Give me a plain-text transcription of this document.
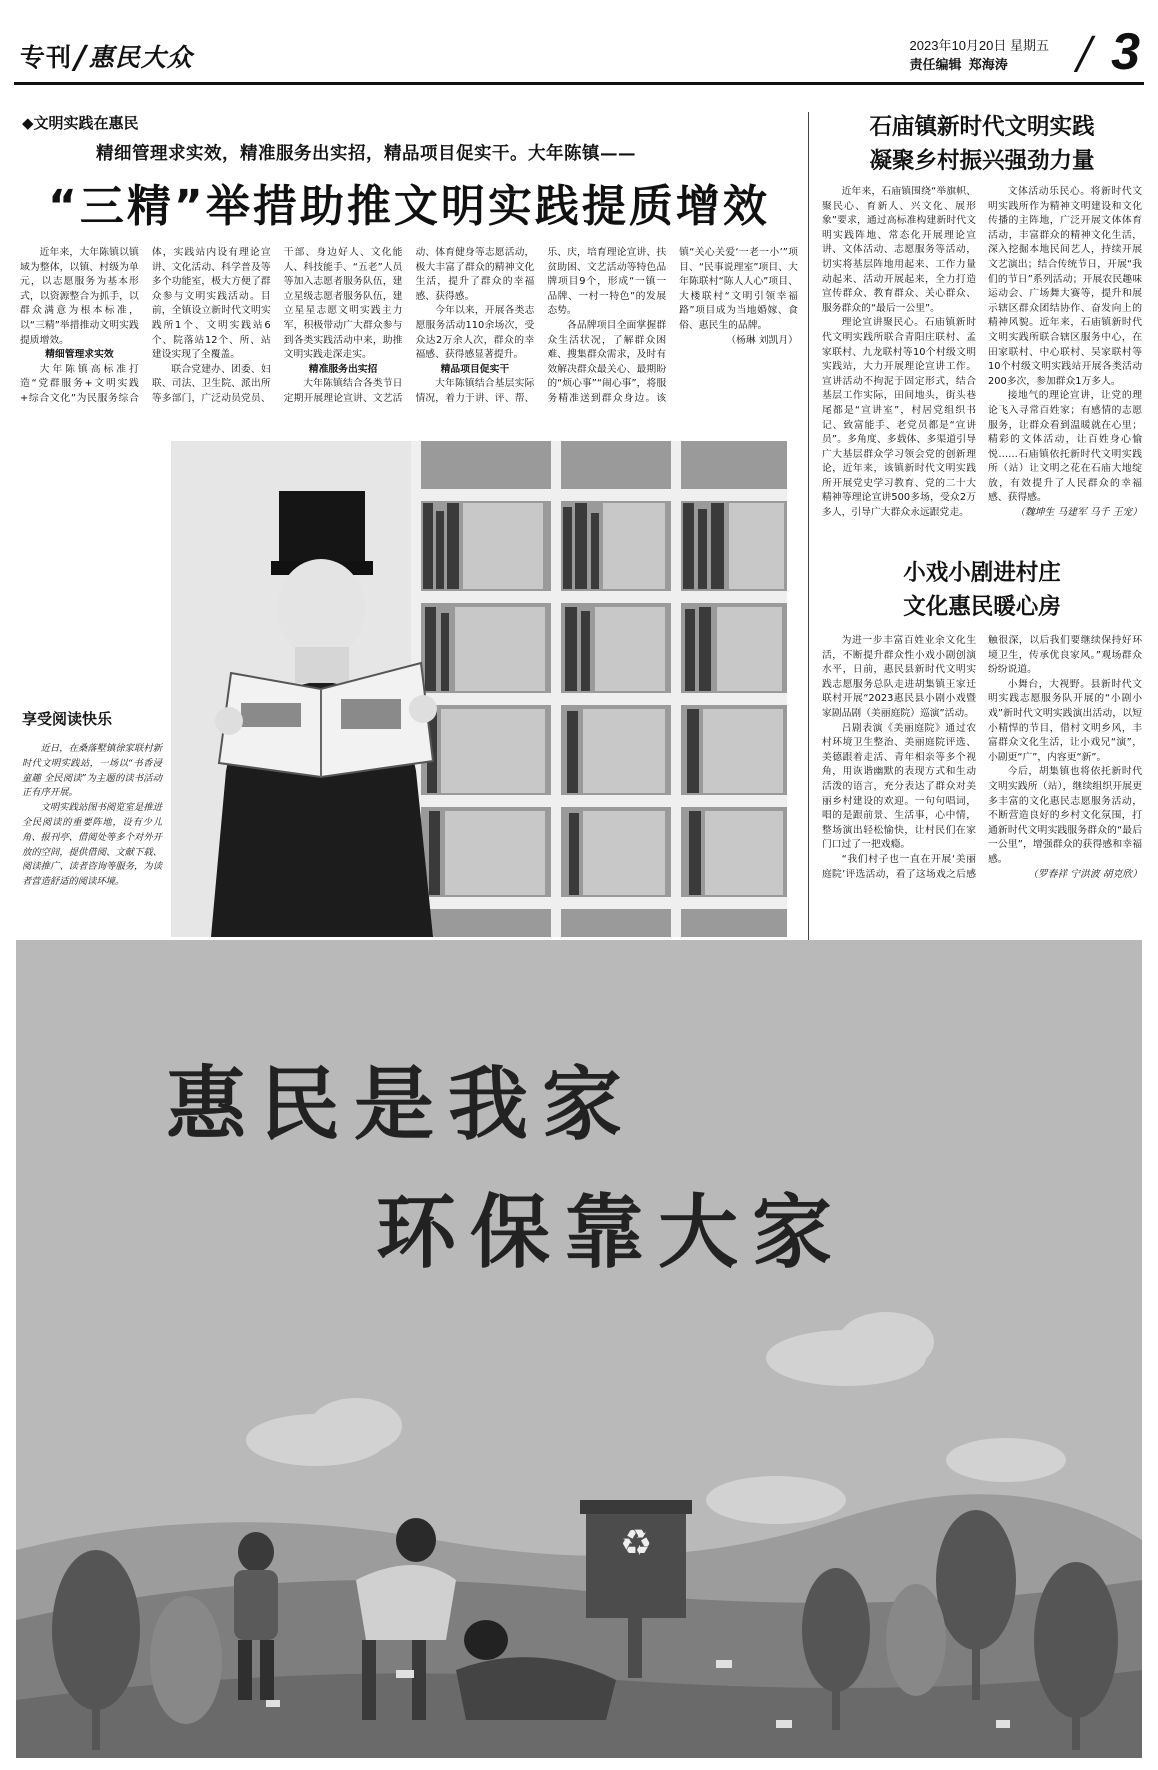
专刊/惠民大众	2023年10月20日 星期五
责任编辑 郑海涛	/ 3
◆文明实践在惠民
精细管理求实效，精准服务出实招，精品项目促实干。大年陈镇——
“三精”举措助推文明实践提质增效

近年来，大年陈镇以镇域为整体，以镇、村级为单元，以志愿服务为基本形式，以资源整合为抓手，以群众满意为根本标准，以“三精”举措推动文明实践提质增效。

精细管理求实效

大年陈镇高标准打造“党群服务+文明实践+综合文化”为民服务综合体，实践站内设有理论宣讲、文化活动、科学普及等多个功能室，极大方便了群众参与文明实践活动。目前，全镇设立新时代文明实践所1个、文明实践站6个、院落站12个、所、站建设实现了全覆盖。

联合党建办、团委、妇联、司法、卫生院、派出所等多部门，广泛动员党员、干部、身边好人、文化能人、科技能手、“五老”人员等加入志愿者服务队伍，建立星级志愿者服务队伍，建立星星志愿文明实践主力军，积极带动广大群众参与到各类实践活动中来，助推文明实践走深走实。

精准服务出实招

大年陈镇结合各类节日定期开展理论宣讲、文艺活动、体育健身等志愿活动，极大丰富了群众的精神文化生活，提升了群众的幸福感、获得感。

今年以来，开展各类志愿服务活动110余场次，受众达2万余人次，群众的幸福感、获得感显著提升。

精品项目促实干

大年陈镇结合基层实际情况，着力于讲、评、帮、乐、庆，培育理论宣讲、扶贫助困、文艺活动等特色品牌项目9个，形成“一镇一品牌、一村一特色”的发展态势。

各品牌项目全面掌握群众生活状况，了解群众困难、搜集群众需求，及时有效解决群众最关心、最期盼的“烦心事”“闹心事”，将服务精准送到群众身边。该镇“关心关爱‘一老一小’”项目、“民事说理室”项目、大年陈联村“陈人人心”项目、大楼联村“文明引领幸福路”项目成为当地婚嫁、食俗、惠民生的品牌。

（杨琳 刘凯月）

享受阅读快乐

近日，在桑落墅镇徐家联村新时代文明实践站，一场以“书香浸童趣 全民阅读”为主题的读书活动正有序开展。

文明实践站图书阅览室是推进全民阅读的重要阵地，设有少儿角、报刊亭、借阅处等多个对外开放的空间，提供借阅、文献下载、阅读推广、读者咨询等服务，为读者营造舒适的阅读环境。

石庙镇新时代文明实践
凝聚乡村振兴强劲力量

近年来，石庙镇围绕“举旗帜、聚民心、育新人、兴文化、展形象”要求，通过高标准构建新时代文明实践阵地、常态化开展理论宣讲、文体活动、志愿服务等活动，切实将基层阵地用起来、工作力量动起来、活动开展起来，全力打造宣传群众、教育群众、关心群众、服务群众的“最后一公里”。

理论宣讲聚民心。石庙镇新时代文明实践所联合青阳庄联村、孟家联村、九龙联村等10个村级文明实践站，大力开展理论宣讲工作。宣讲活动不拘泥于固定形式，结合基层工作实际，田间地头，街头巷尾都是“宣讲室”，村居党组织书记、致富能手、老党员都是“宣讲员”。多角度、多载体、多渠道引导广大基层群众学习领会党的创新理论，近年来，该镇新时代文明实践所开展党史学习教育、党的二十大精神等理论宣讲500多场，受众2万多人，引导广大群众永远跟党走。

文体活动乐民心。将新时代文明实践所作为精神文明建设和文化传播的主阵地，广泛开展文体体育活动，丰富群众的精神文化生活，深入挖掘本地民间艺人，持续开展文艺演出；结合传统节日，开展“我们的节日”系列活动；开展农民趣味运动会、广场舞大赛等，提升和展示辖区群众团结协作、奋发向上的精神风貌。近年来，石庙镇新时代文明实践所联合辖区服务中心，在田家联村、中心联村、吴家联村等10个村级文明实践站开展各类活动200多次，参加群众1万多人。

接地气的理论宣讲，让党的理论飞入寻常百姓家；有感情的志愿服务，让群众看到温暖就在心里；精彩的文体活动，让百姓身心愉悦……石庙镇依托新时代文明实践所（站）让文明之花在石庙大地绽放，有效提升了人民群众的幸福感、获得感。

（魏坤生 马建军 马千 王宠）

小戏小剧进村庄
文化惠民暖心房

为进一步丰富百姓业余文化生活，不断提升群众性小戏小剧创演水平，日前，惠民县新时代文明实践志愿服务总队走进胡集镇王家迁联村开展“2023惠民县小剧小戏暨家剧品剧（美丽庭院）巡演”活动。

吕剧表演《美丽庭院》通过农村环境卫生整治、美丽庭院评选、美德跟着走活、青年相亲等多个视角，用诙谐幽默的表现方式和生动活泼的语言，充分表达了群众对美丽乡村建设的欢迎。一句句唱词，唱的是跟前景、生活事，心中情，整场演出轻松愉快，让村民们在家门口过了一把戏瘾。

“我们村子也一直在开展‘美丽庭院’评选活动，看了这场戏之后感触很深，以后我们要继续保持好环境卫生，传承优良家风。”观场群众纷纷说道。

小舞台，大视野。县新时代文明实践志愿服务队开展的“小剧小戏”新时代文明实践演出活动，以短小精悍的节目，借村文明乡风，丰富群众文化生活，让小戏兄“演”，小剧更“广”，内容更“新”。

今后，胡集镇也将依托新时代文明实践所（站），继续组织开展更多丰富的文化惠民志愿服务活动，不断营造良好的乡村文化氛围，打通新时代文明实践服务群众的“最后一公里”，增强群众的获得感和幸福感。

（罗春祥 宁洪波 胡克欣）

惠民是我家
环保靠大家
♻
